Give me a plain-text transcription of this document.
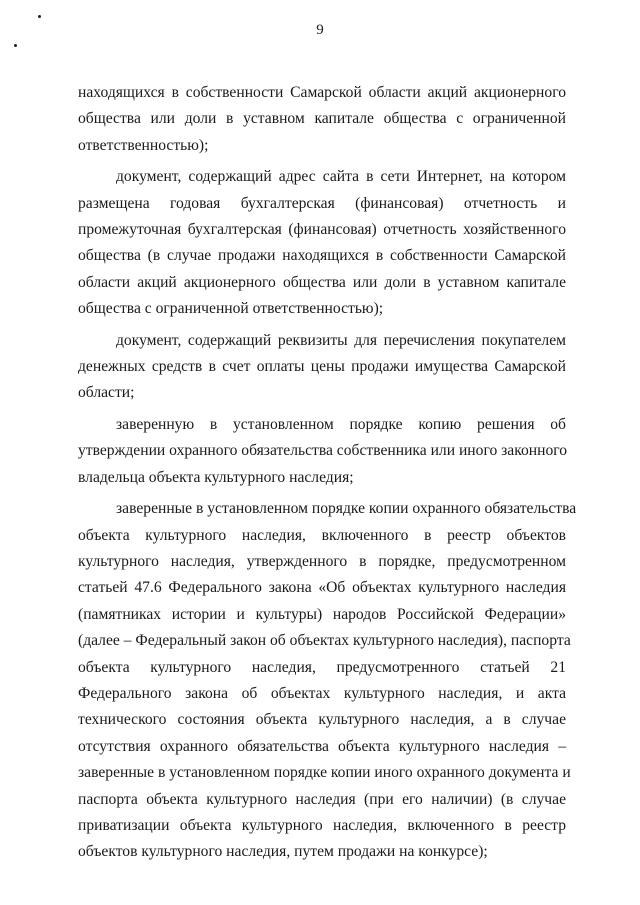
9
находящихся в собственности Самарской области акций акционерного
общества или доли в уставном капитале общества с ограниченной
ответственностью);
документ, содержащий адрес сайта в сети Интернет, на котором
размещена годовая бухгалтерская (финансовая) отчетность и
промежуточная бухгалтерская (финансовая) отчетность хозяйственного
общества (в случае продажи находящихся в собственности Самарской
области акций акционерного общества или доли в уставном капитале
общества с ограниченной ответственностью);
документ, содержащий реквизиты для перечисления покупателем
денежных средств в счет оплаты цены продажи имущества Самарской
области;
заверенную в установленном порядке копию решения об
утверждении охранного обязательства собственника или иного законного
владельца объекта культурного наследия;
заверенные в установленном порядке копии охранного обязательства
объекта культурного наследия, включенного в реестр объектов
культурного наследия, утвержденного в порядке, предусмотренном
статьей 47.6 Федерального закона «Об объектах культурного наследия
(памятниках истории и культуры) народов Российской Федерации»
(далее – Федеральный закон об объектах культурного наследия), паспорта
объекта культурного наследия, предусмотренного статьей 21
Федерального закона об объектах культурного наследия, и акта
технического состояния объекта культурного наследия, а в случае
отсутствия охранного обязательства объекта культурного наследия –
заверенные в установленном порядке копии иного охранного документа и
паспорта объекта культурного наследия (при его наличии) (в случае
приватизации объекта культурного наследия, включенного в реестр
объектов культурного наследия, путем продажи на конкурсе);
